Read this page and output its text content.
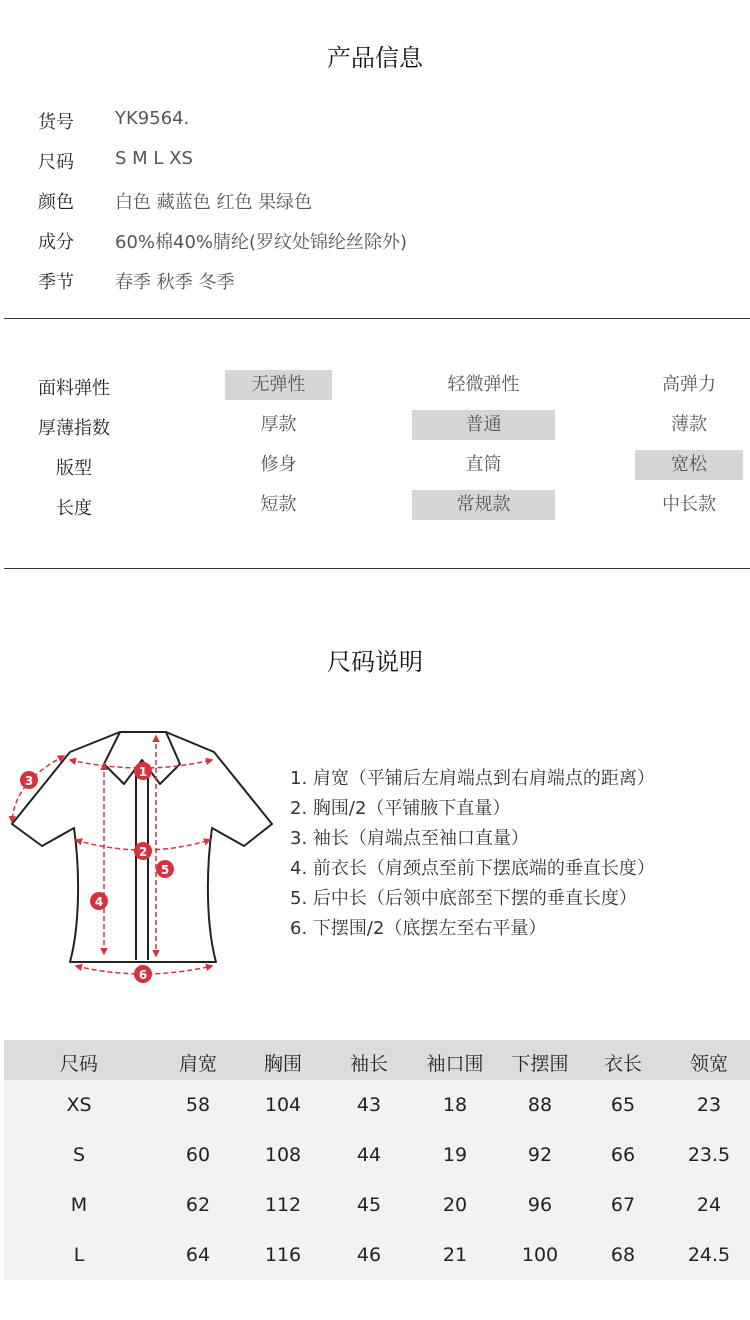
产品信息
货号 YK9564.
尺码 S M L XS
颜色 白色 藏蓝色 红色 果绿色
成分 60%棉40%腈纶(罗纹处锦纶丝除外)
季节 春季 秋季 冬季
面料弹性	无弹性	轻微弹性	高弹力
厚薄指数	厚款	普通	薄款
版型	修身	直筒	宽松
长度	短款	常规款	中长款
尺码说明
1
2
3
4
5
6
1. 肩宽（平铺后左肩端点到右肩端点的距离）
2. 胸围/2（平铺腋下直量）
3. 袖长（肩端点至袖口直量）
4. 前衣长（肩颈点至前下摆底端的垂直长度）
5. 后中长（后领中底部至下摆的垂直长度）
6. 下摆围/2（底摆左至右平量）
尺码	肩宽	胸围	袖长	袖口围	下摆围	衣长	领宽
XS	58	104	43	18	88	65	23
S	60	108	44	19	92	66	23.5
M	62	112	45	20	96	67	24
L	64	116	46	21	100	68	24.5
